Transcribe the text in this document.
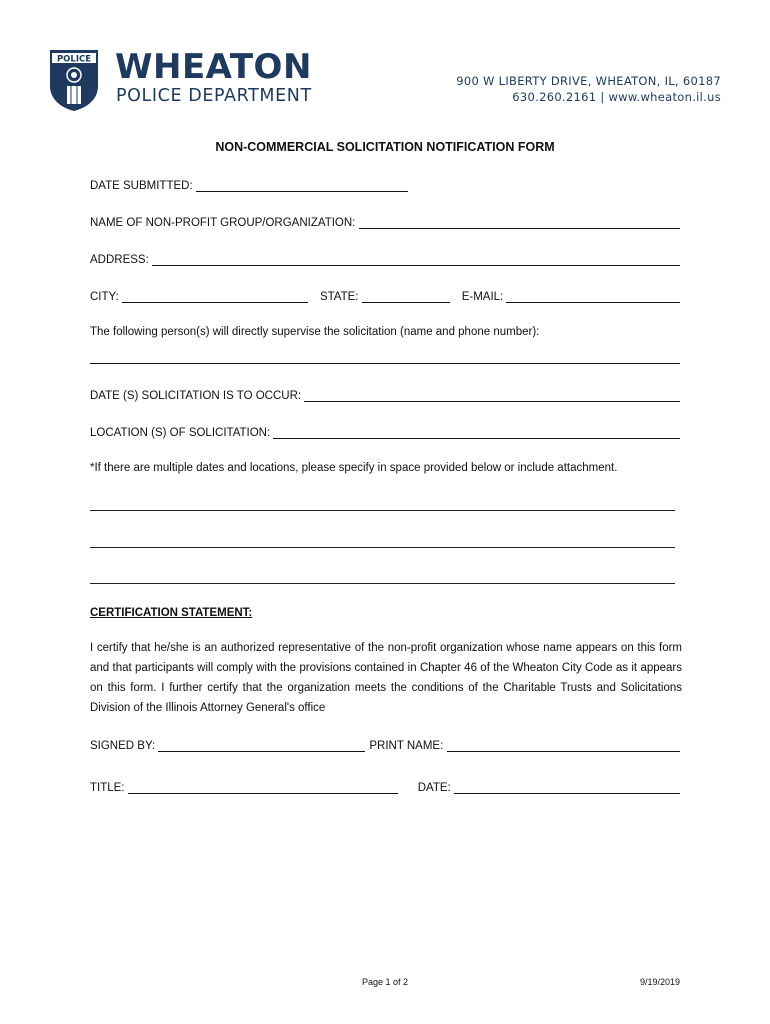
POLICE WHEATON
POLICE DEPARTMENT
900 W LIBERTY DRIVE, WHEATON, IL, 60187
630.260.2161 | www.wheaton.il.us
NON-COMMERCIAL SOLICITATION NOTIFICATION FORM
DATE SUBMITTED:
NAME OF NON-PROFIT GROUP/ORGANIZATION:
ADDRESS:
CITY:	STATE:	E-MAIL:
The following person(s) will directly supervise the solicitation (name and phone number):
DATE (S) SOLICITATION IS TO OCCUR:
LOCATION (S) OF SOLICITATION:
*If there are multiple dates and locations, please specify in space provided below or include attachment.
CERTIFICATION STATEMENT:
I certify that he/she is an authorized representative of the non-profit organization whose name appears on this form and that participants will comply with the provisions contained in Chapter 46 of the Wheaton City Code as it appears on this form. I further certify that the organization meets the conditions of the Charitable Trusts and Solicitations Division of the Illinois Attorney General's office
SIGNED BY:	PRINT NAME:
TITLE:	DATE:
Page 1 of 2	9/19/2019
